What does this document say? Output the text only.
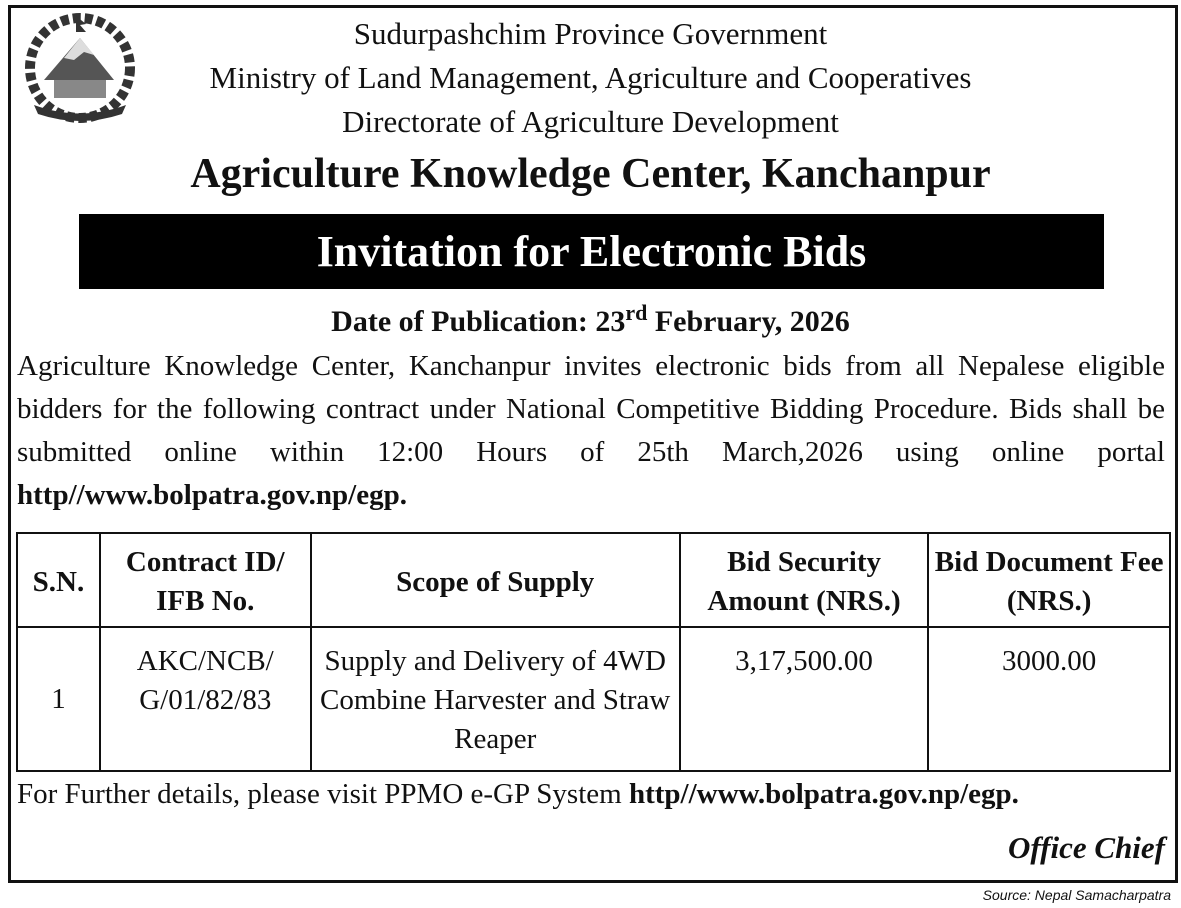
Sudurpashchim Province Government
Ministry of Land Management, Agriculture and Cooperatives
Directorate of Agriculture Development
Agriculture Knowledge Center, Kanchanpur
Invitation for Electronic Bids
Date of Publication: 23rd February, 2026
Agriculture Knowledge Center, Kanchanpur invites electronic bids from all Nepalese eligible bidders for the following contract under National Competitive Bidding Procedure. Bids shall be submitted online within 12:00 Hours of 25th March,2026 using online portal http//www.bolpatra.gov.np/egp.
S.N.	Contract ID/ IFB No.	Scope of Supply	Bid Security Amount (NRS.)	Bid Document Fee (NRS.)
1	AKC/NCB/ G/01/82/83	Supply and Delivery of 4WD Combine Harvester and Straw Reaper	3,17,500.00	3000.00
For Further details, please visit PPMO e-GP System http//www.bolpatra.gov.np/egp.
Office Chief
Source: Nepal Samacharpatra
